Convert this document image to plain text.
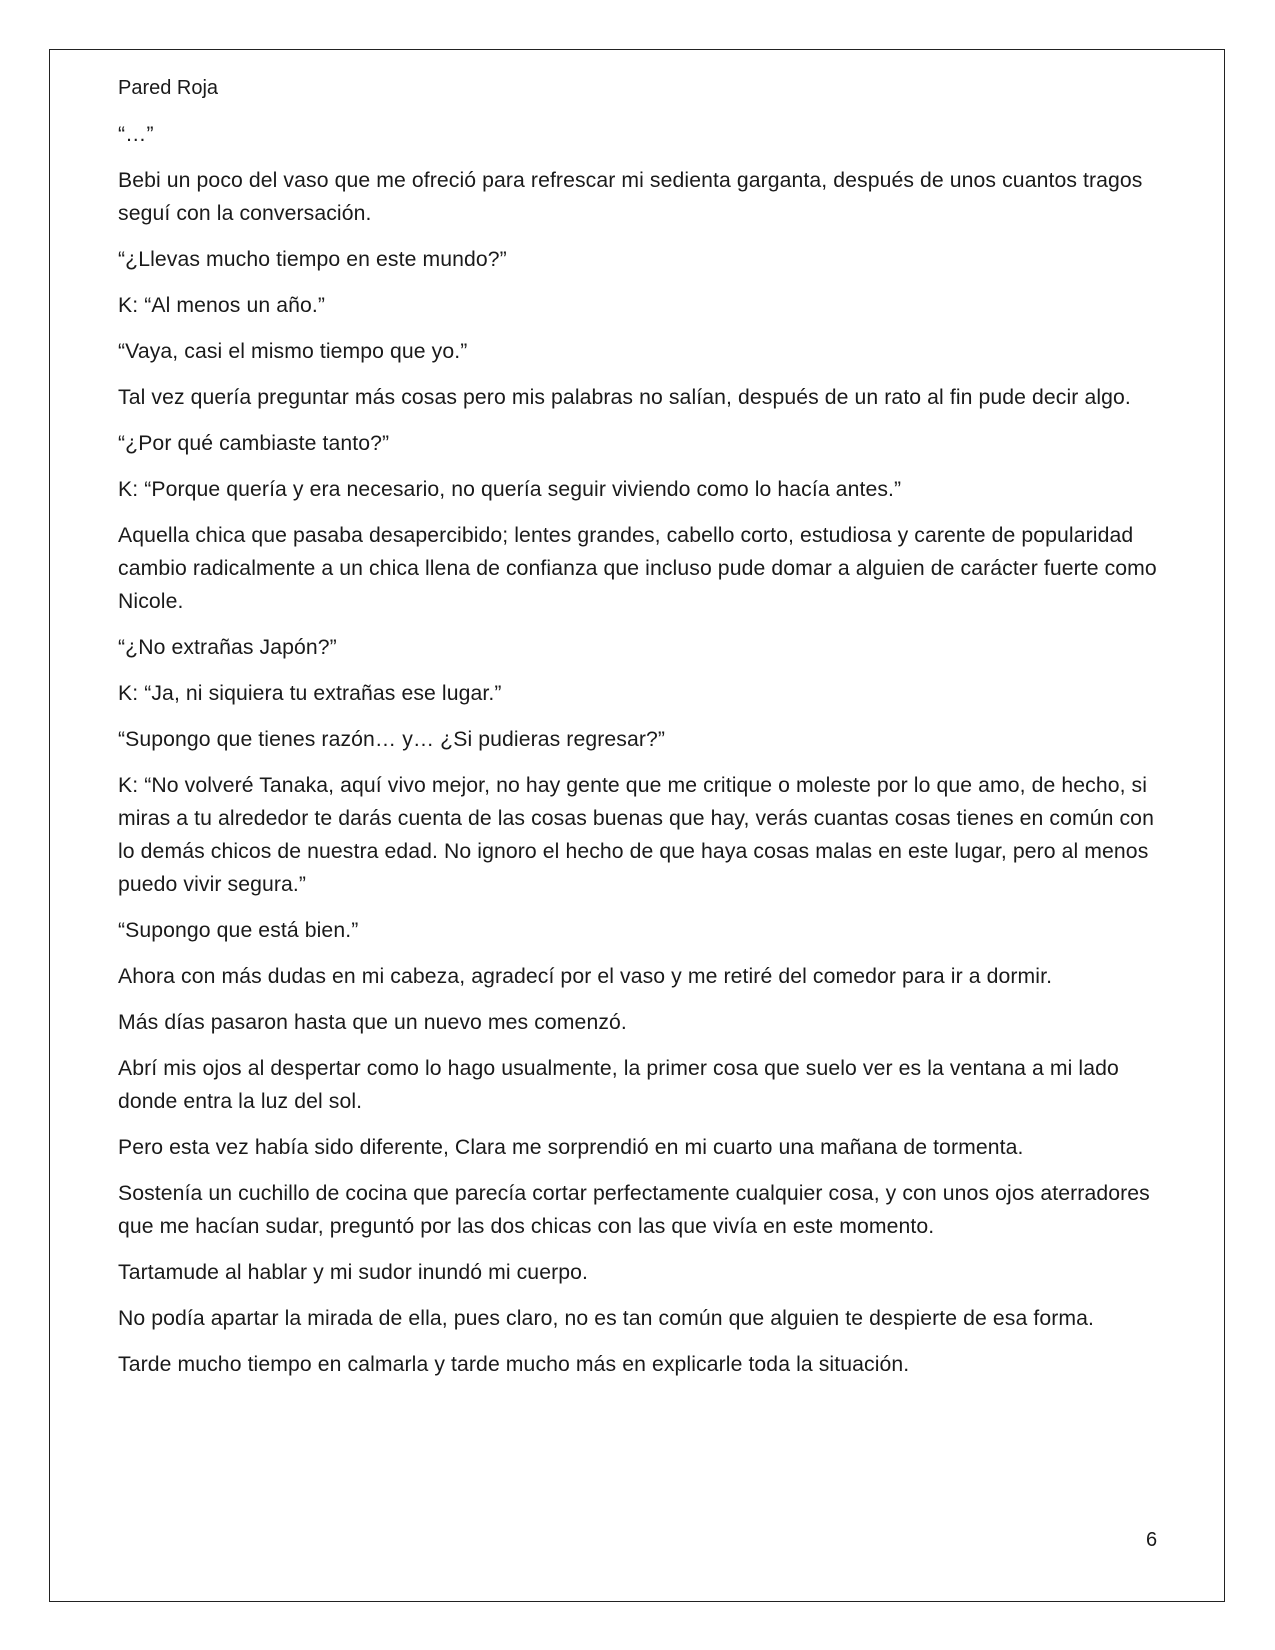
Pared Roja

“…”

Bebi un poco del vaso que me ofreció para refrescar mi sedienta garganta, después de unos cuantos tragos seguí con la conversación.

“¿Llevas mucho tiempo en este mundo?”

K: “Al menos un año.”

“Vaya, casi el mismo tiempo que yo.”

Tal vez quería preguntar más cosas pero mis palabras no salían, después de un rato al fin pude decir algo.

“¿Por qué cambiaste tanto?”

K: “Porque quería y era necesario, no quería seguir viviendo como lo hacía antes.”

Aquella chica que pasaba desapercibido; lentes grandes, cabello corto, estudiosa y carente de popularidad cambio radicalmente a un chica llena de confianza que incluso pude domar a alguien de carácter fuerte como Nicole.

“¿No extrañas Japón?”

K: “Ja, ni siquiera tu extrañas ese lugar.”

“Supongo que tienes razón… y… ¿Si pudieras regresar?”

K: “No volveré Tanaka, aquí vivo mejor, no hay gente que me critique o moleste por lo que amo, de hecho, si miras a tu alrededor te darás cuenta de las cosas buenas que hay, verás cuantas cosas tienes en común con lo demás chicos de nuestra edad. No ignoro el hecho de que haya cosas malas en este lugar, pero al menos puedo vivir segura.”

“Supongo que está bien.”

Ahora con más dudas en mi cabeza, agradecí por el vaso y me retiré del comedor para ir a dormir.

Más días pasaron hasta que un nuevo mes comenzó.

Abrí mis ojos al despertar como lo hago usualmente, la primer cosa que suelo ver es la ventana a mi lado donde entra la luz del sol.

Pero esta vez había sido diferente, Clara me sorprendió en mi cuarto una mañana de tormenta.

Sostenía un cuchillo de cocina que parecía cortar perfectamente cualquier cosa, y con unos ojos aterradores que me hacían sudar, preguntó por las dos chicas con las que vivía en este momento.

Tartamude al hablar y mi sudor inundó mi cuerpo.

No podía apartar la mirada de ella, pues claro, no es tan común que alguien te despierte de esa forma.

Tarde mucho tiempo en calmarla y tarde mucho más en explicarle toda la situación.

6
